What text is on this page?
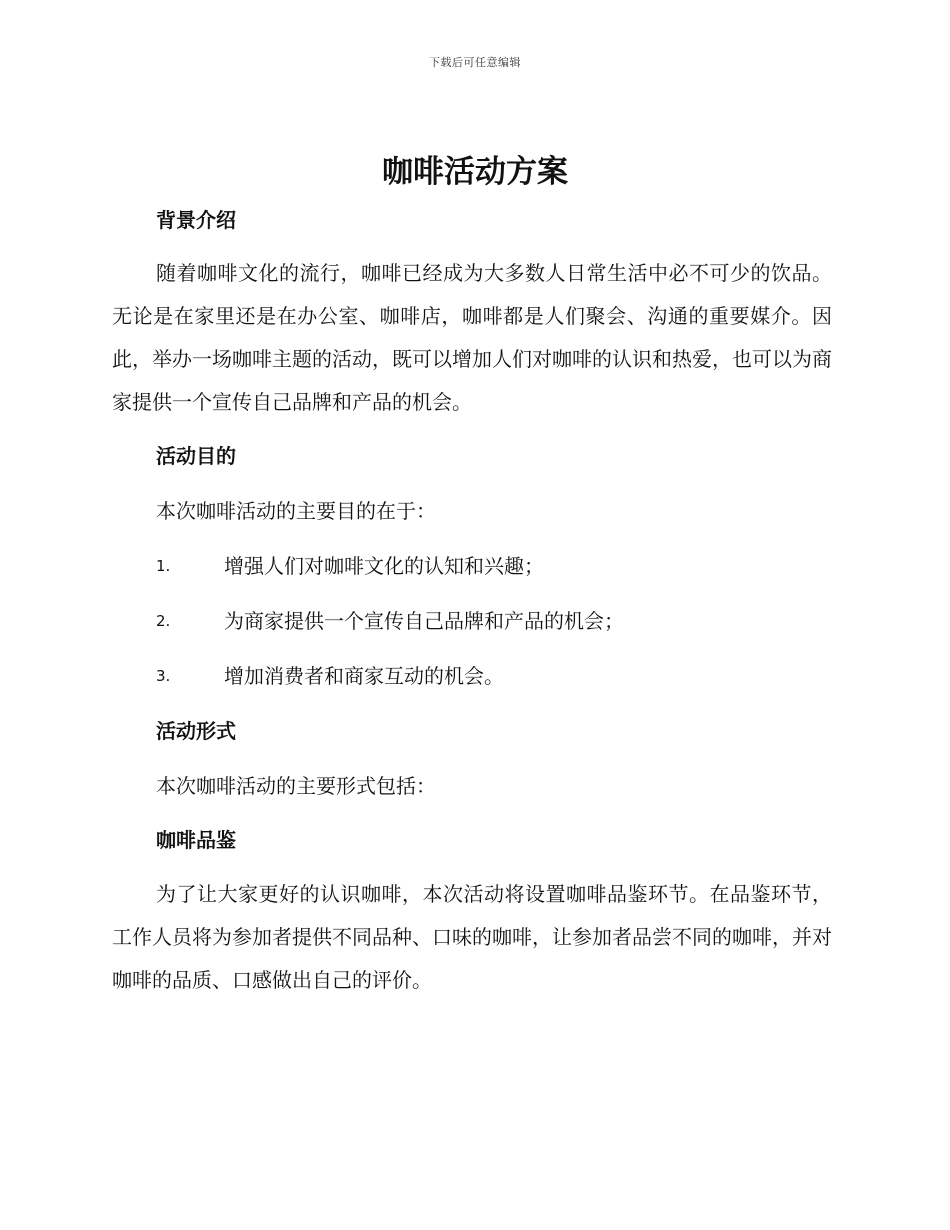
下载后可任意编辑
咖啡活动方案
背景介绍

随着咖啡文化的流行，咖啡已经成为大多数人日常生活中必不可少的饮品。无论是在家里还是在办公室、咖啡店，咖啡都是人们聚会、沟通的重要媒介。因此，举办一场咖啡主题的活动，既可以增加人们对咖啡的认识和热爱，也可以为商家提供一个宣传自己品牌和产品的机会。

活动目的

本次咖啡活动的主要目的在于：

1.	增强人们对咖啡文化的认知和兴趣；
2.	为商家提供一个宣传自己品牌和产品的机会；
3.	增加消费者和商家互动的机会。
活动形式

本次咖啡活动的主要形式包括：

咖啡品鉴

为了让大家更好的认识咖啡，本次活动将设置咖啡品鉴环节。在品鉴环节，工作人员将为参加者提供不同品种、口味的咖啡，让参加者品尝不同的咖啡，并对咖啡的品质、口感做出自己的评价。
